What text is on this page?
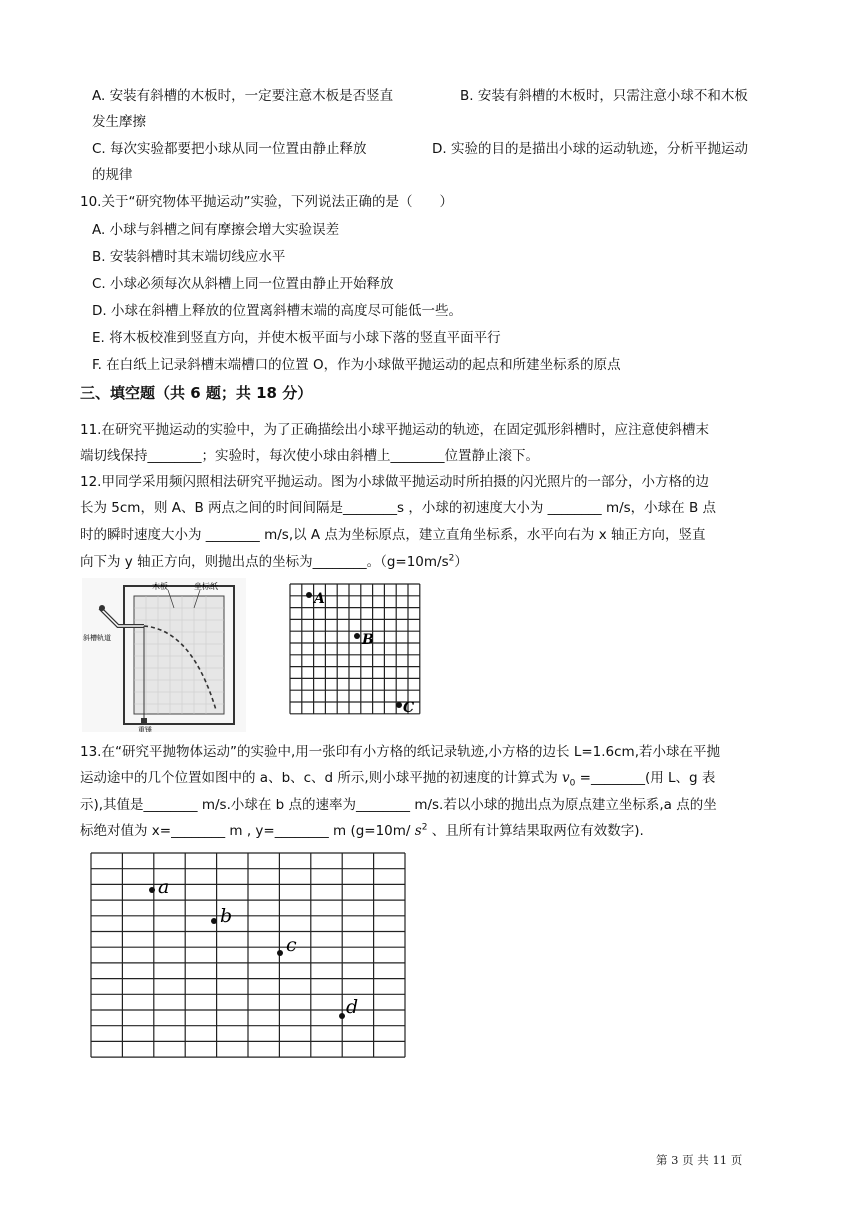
A. 安装有斜槽的木板时，一定要注意木板是否竖直	B. 安装有斜槽的木板时，只需注意小球不和木板
发生摩擦
C. 每次实验都要把小球从同一位置由静止释放	D. 实验的目的是描出小球的运动轨迹，分析平抛运动
的规律
10.关于“研究物体平抛运动”实验，下列说法正确的是（　　）
A. 小球与斜槽之间有摩擦会增大实验误差
B. 安装斜槽时其末端切线应水平
C. 小球必须每次从斜槽上同一位置由静止开始释放
D. 小球在斜槽上释放的位置离斜槽末端的高度尽可能低一些。
E. 将木板校准到竖直方向，并使木板平面与小球下落的竖直平面平行
F. 在白纸上记录斜槽末端槽口的位置 O，作为小球做平抛运动的起点和所建坐标系的原点
三、填空题（共 6 题；共 18 分）
11.在研究平抛运动的实验中，为了正确描绘出小球平抛运动的轨迹，在固定弧形斜槽时，应注意使斜槽末
端切线保持________；实验时，每次使小球由斜槽上________位置静止滚下。
12.甲同学采用频闪照相法研究平抛运动。图为小球做平抛运动时所拍摄的闪光照片的一部分，小方格的边
长为 5cm，则 A、B 两点之间的时间间隔是________s ，小球的初速度大小为 ________ m/s，小球在 B 点
时的瞬时速度大小为 ________ m/s,以 A 点为坐标原点，建立直角坐标系，水平向右为 x 轴正方向，竖直
向下为 y 轴正方向，则抛出点的坐标为________。$(g=10m/s^2)$
木板	坐标纸
斜槽轨道
重锤
A
B
C
13.在“研究平抛物体运动”的实验中,用一张印有小方格的纸记录轨迹,小方格的边长 L=1.6cm,若小球在平抛
运动途中的几个位置如图中的 a、b、c、d 所示,则小球平抛的初速度的计算式为 $v_0$ =________(用 L、g 表
示),其值是________ m/s.小球在 b 点的速率为________ m/s.若以小球的抛出点为原点建立坐标系,a 点的坐
标绝对值为 x=________ m , y=________ m (g=10m/ $s^2$ 、且所有计算结果取两位有效数字).
a
b
c
d
第 3 页 共 11 页
